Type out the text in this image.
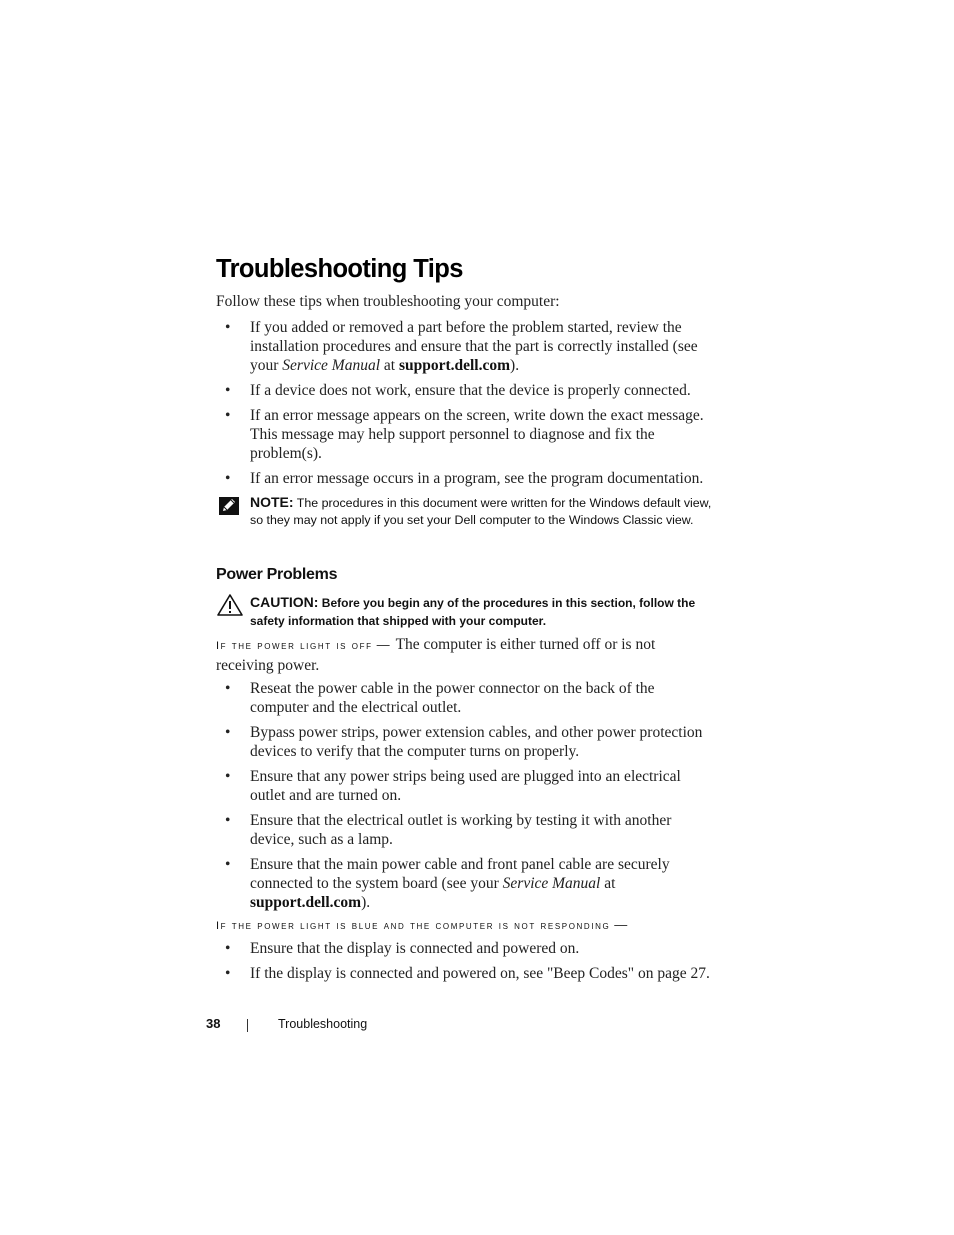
Troubleshooting Tips
Follow these tips when troubleshooting your computer:
• If you added or removed a part before the problem started, review the installation procedures and ensure that the part is correctly installed (see your Service Manual at support.dell.com).
• If a device does not work, ensure that the device is properly connected.
• If an error message appears on the screen, write down the exact message. This message may help support personnel to diagnose and fix the problem(s).
• If an error message occurs in a program, see the program documentation.
NOTE: The procedures in this document were written for the Windows default view, so they may not apply if you set your Dell computer to the Windows Classic view.
Power Problems
CAUTION: Before you begin any of the procedures in this section, follow the safety information that shipped with your computer.
If the power light is off — The computer is either turned off or is not receiving power.
• Reseat the power cable in the power connector on the back of the computer and the electrical outlet.
• Bypass power strips, power extension cables, and other power protection devices to verify that the computer turns on properly.
• Ensure that any power strips being used are plugged into an electrical outlet and are turned on.
• Ensure that the electrical outlet is working by testing it with another device, such as a lamp.
• Ensure that the main power cable and front panel cable are securely connected to the system board (see your Service Manual at support.dell.com).
If the power light is blue and the computer is not responding —
• Ensure that the display is connected and powered on.
• If the display is connected and powered on, see "Beep Codes" on page 27.
38	Troubleshooting
